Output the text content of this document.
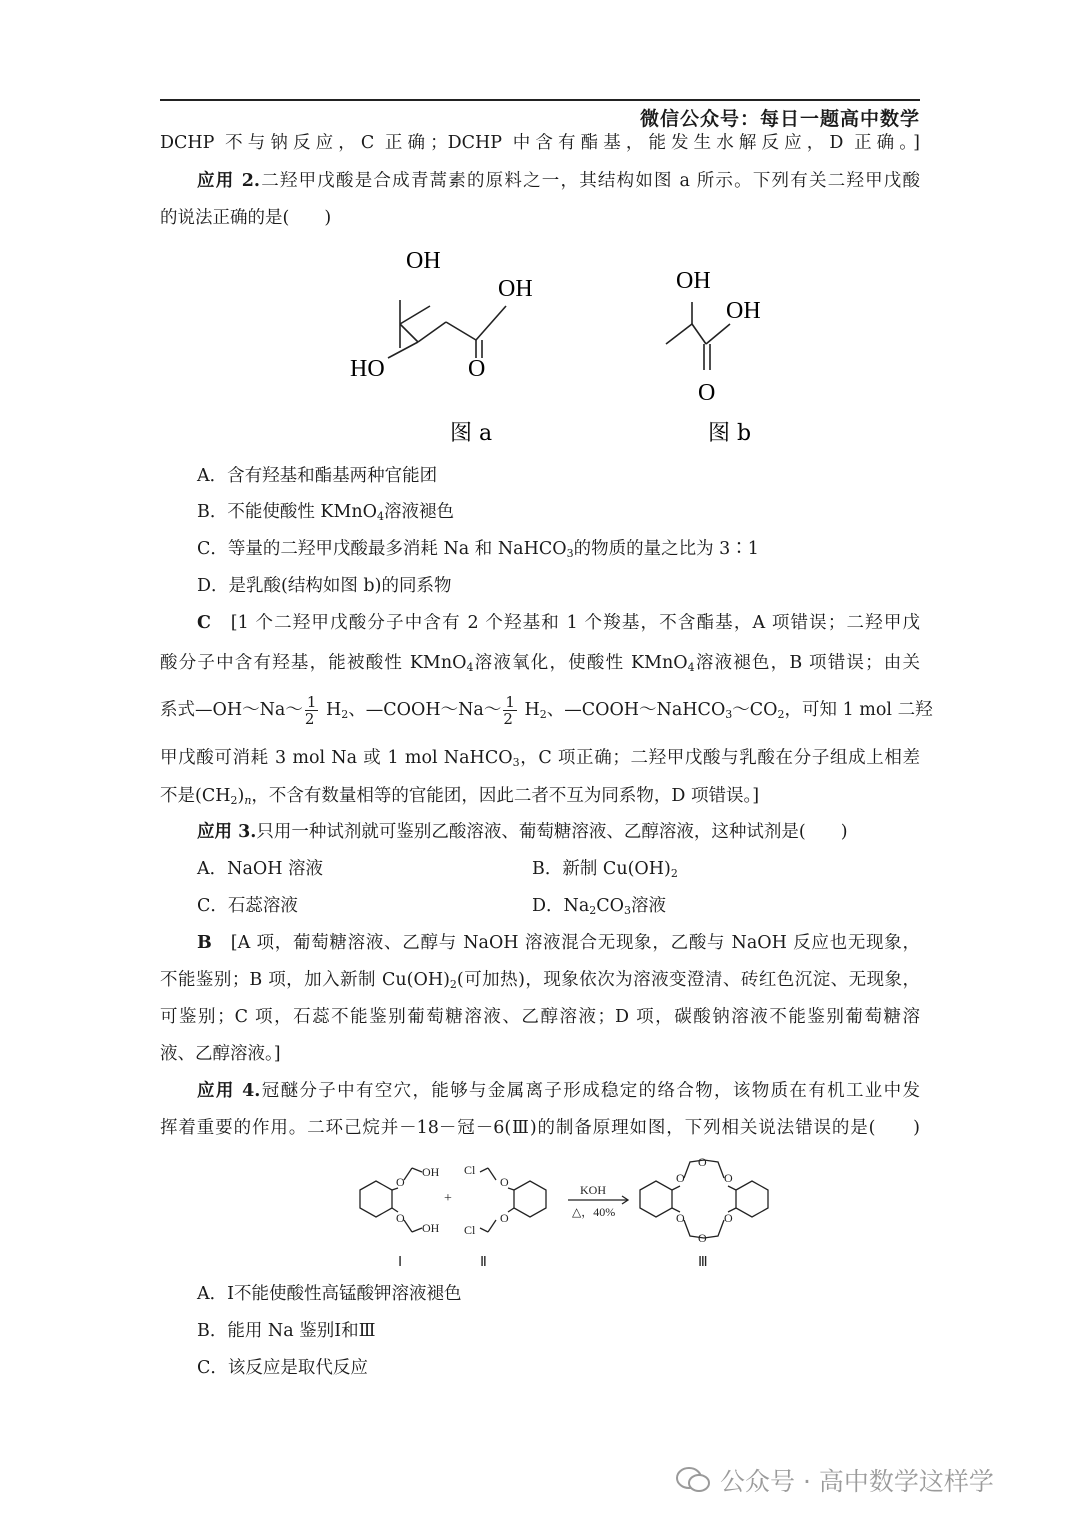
微信公众号：每日一题高中数学
DCHP 不与钠反应，C 正确；DCHP 中含有酯基，能发生水解反应，D 正确。]
应用 2.二羟甲戊酸是合成青蒿素的原料之一，其结构如图 a 所示。下列有关二羟甲戊酸
的说法正确的是(　　)
OH
OH
HO	O
OH
OH
O
图 a	图 b
A．含有羟基和酯基两种官能团
B．不能使酸性 KMnO$_4$溶液褪色
C．等量的二羟甲戊酸最多消耗 Na 和 NaHCO$_3$的物质的量之比为 3∶1
D．是乳酸(结构如图 b)的同系物
C　 [1 个二羟甲戊酸分子中含有 2 个羟基和 1 个羧基，不含酯基，A 项错误；二羟甲戊
酸分子中含有羟基，能被酸性 KMnO$_4$溶液氧化，使酸性 KMnO$_4$溶液褪色，B 项错误；由关
系式—OH～Na～ $\frac{1}{2} H_2$、—COOH～Na～ $\frac{1}{2} H_2$、$—COOH\sim NaHCO_3\sim CO_2$，可知 1 mol 二羟
甲戊酸可消耗 3 mol Na 或 1 mol NaHCO$_3$，C 项正确；二羟甲戊酸与乳酸在分子组成上相差
不是$(CH_2)_n$，不含有数量相等的官能团，因此二者不互为同系物，D 项错误。]
应用 3.只用一种试剂就可鉴别乙酸溶液、葡萄糖溶液、乙醇溶液，这种试剂是(　　)
A．NaOH 溶液	B．新制 $Cu(OH)_2$
C．石蕊溶液	D．$Na_2CO_3$溶液
B　 [A 项，葡萄糖溶液、乙醇与 NaOH 溶液混合无现象，乙酸与 NaOH 反应也无现象，
不能鉴别；B 项，加入新制 $Cu(OH)_2$(可加热)，现象依次为溶液变澄清、砖红色沉淀、无现象，
可鉴别；C 项，石蕊不能鉴别葡萄糖溶液、乙醇溶液；D 项，碳酸钠溶液不能鉴别葡萄糖溶
液、乙醇溶液。]
应用 4.冠醚分子中有空穴，能够与金属离子形成稳定的络合物，该物质在有机工业中发
挥着重要的作用。二环己烷并－18－冠－6(Ⅲ)的制备原理如图，下列相关说法错误的是(　　)
O
O
OH
OH
+
O
O
Cl
Cl
KOH
△，40%
O
O
O
O
O
O
Ⅰ	Ⅱ	Ⅲ
A．Ⅰ不能使酸性高锰酸钾溶液褪色
B．能用 Na 鉴别Ⅰ和Ⅲ
C．该反应是取代反应
公众号 · 高中数学这样学
